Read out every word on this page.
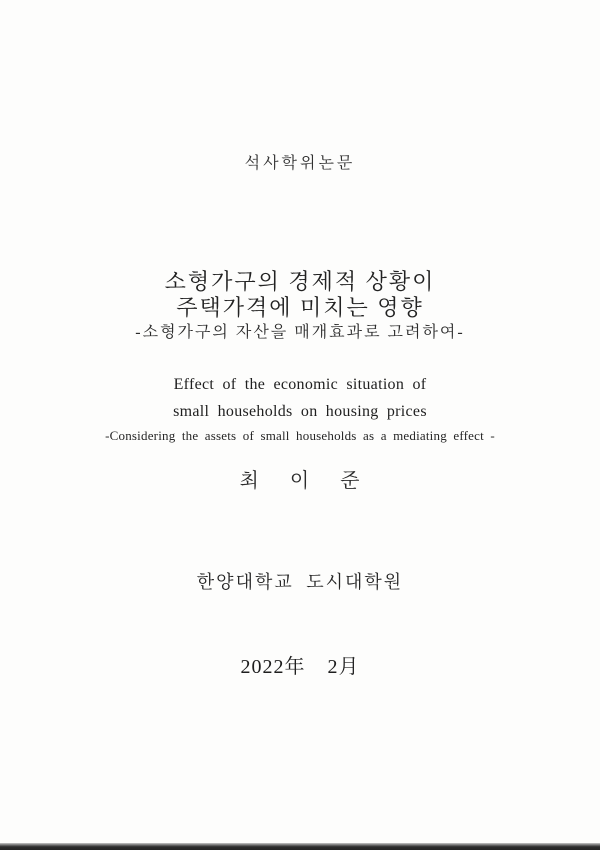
석사학위논문
소형가구의 경제적 상황이
주택가격에 미치는 영향
-소형가구의 자산을 매개효과로 고려하여-
Effect of the economic situation of
small households on housing prices
-Considering the assets of small households as a mediating effect -
최 이 준
한양대학교 도시대학원
2022年 2月
